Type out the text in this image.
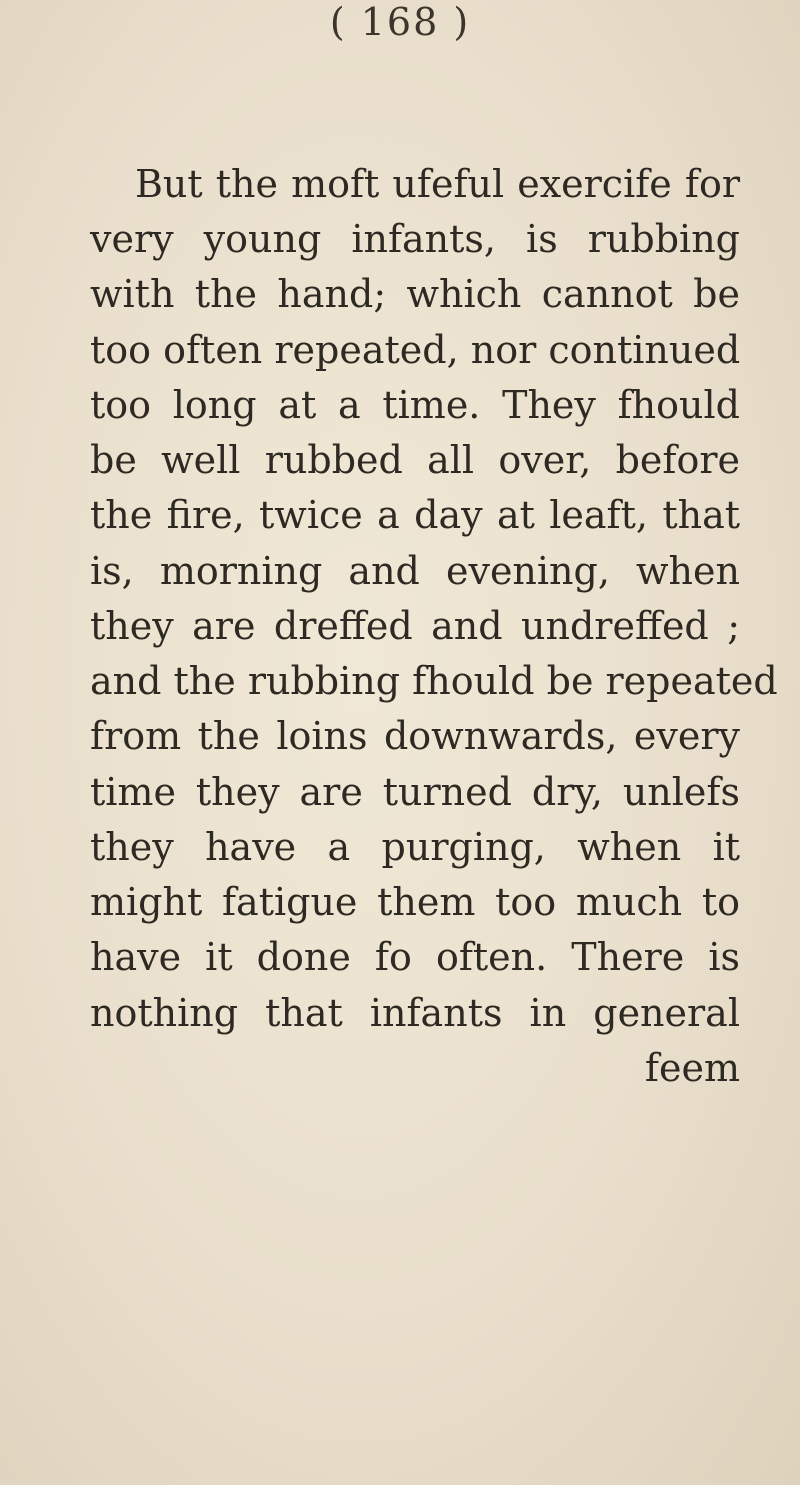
( 168 )
But the moft ufeful exercife for
very young infants, is rubbing
with the hand; which cannot be
too often repeated, nor continued
too long at a time. They fhould
be well rubbed all over, before
the fire, twice a day at leaft, that
is, morning and evening, when
they are dreffed and undreffed ;
and the rubbing fhould be repeated
from the loins downwards, every
time they are turned dry, unlefs
they have a purging, when it
might fatigue them too much to
have it done fo often. There is
nothing that infants in general
feem
